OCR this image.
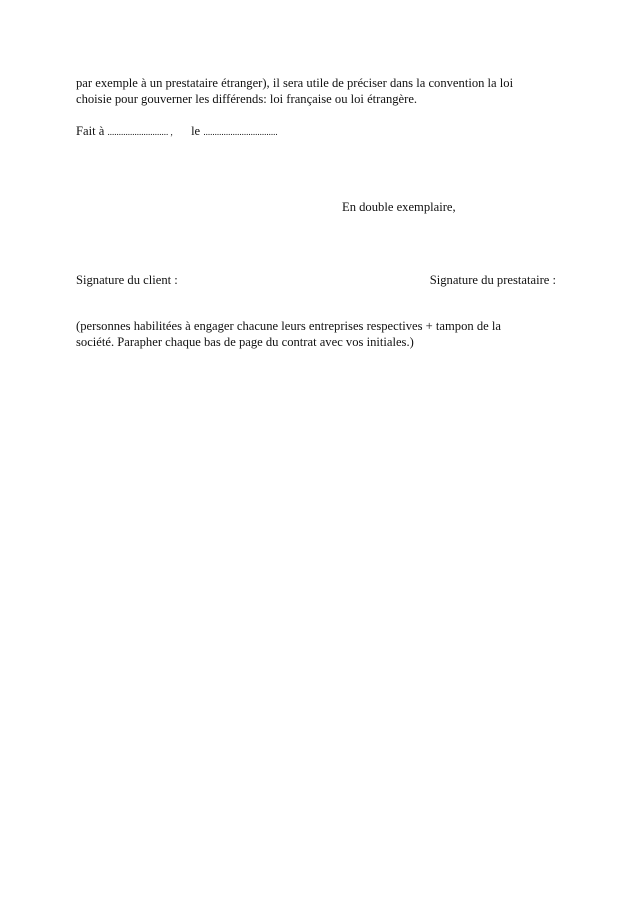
par exemple à un prestataire étranger), il sera utile de préciser dans la convention la loi
choisie pour gouverner les différends: loi française ou loi étrangère.
Fait à ........................... , le .................................
En double exemplaire,
Signature du client :	Signature du prestataire :
(personnes habilitées à engager chacune leurs entreprises respectives + tampon de la
société. Parapher chaque bas de page du contrat avec vos initiales.)
